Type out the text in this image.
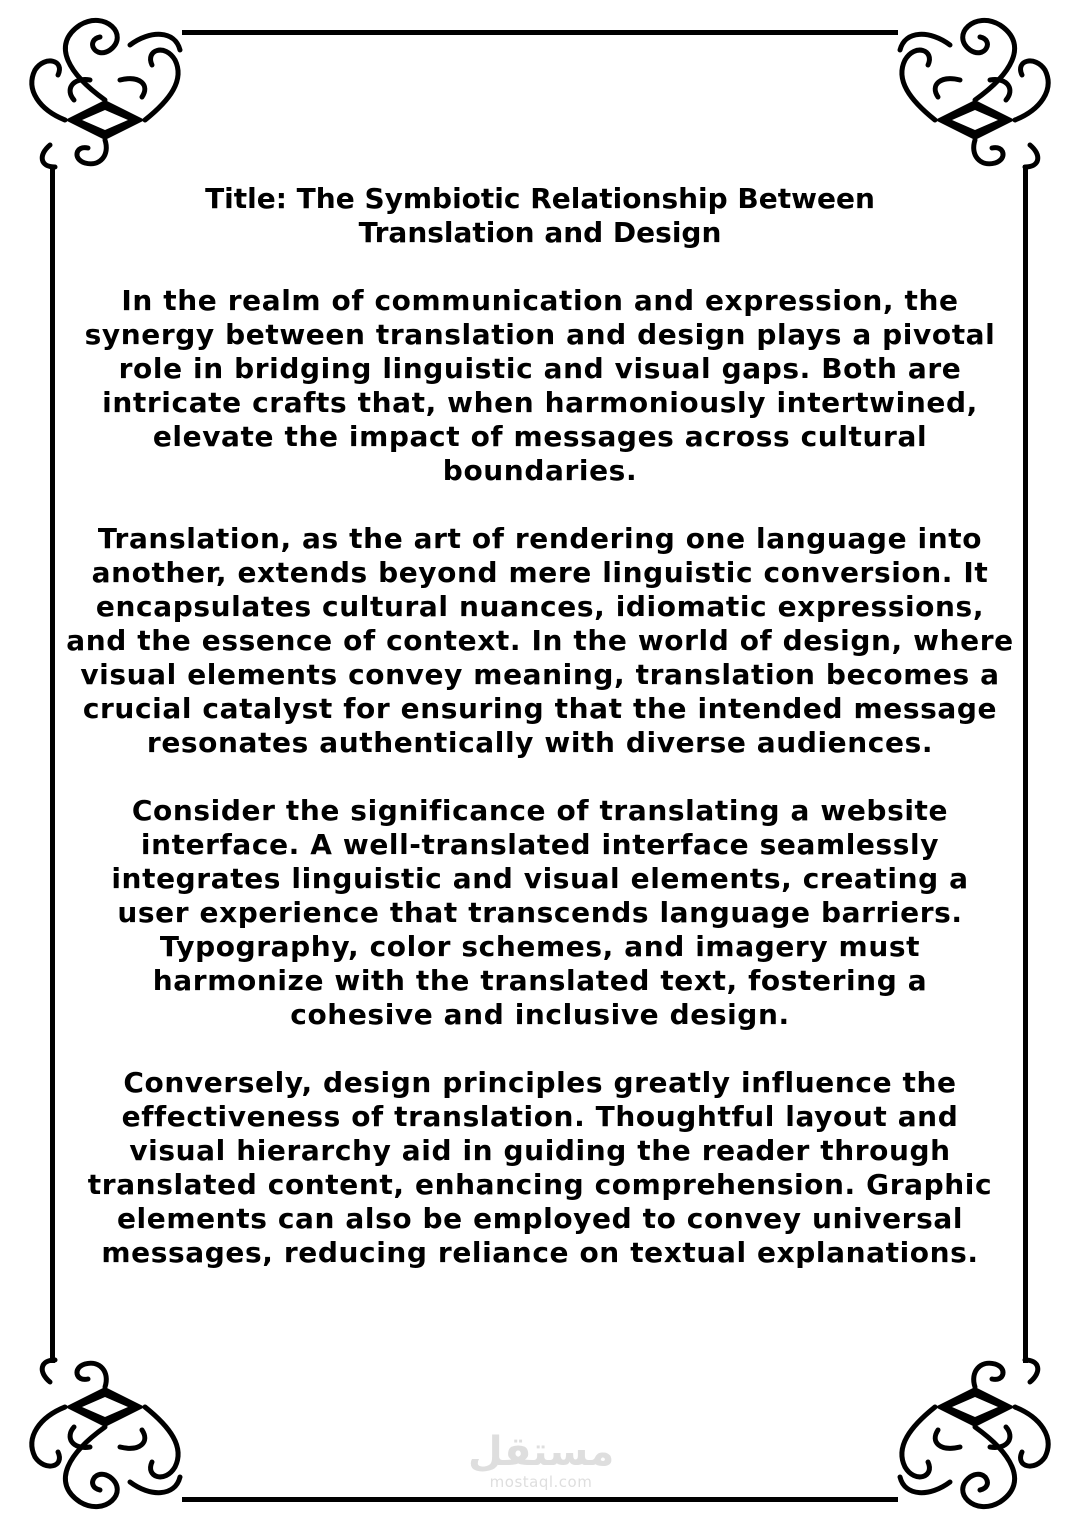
Title: The Symbiotic Relationship Between Translation and Design

In the realm of communication and expression, the synergy between translation and design plays a pivotal role in bridging linguistic and visual gaps. Both are intricate crafts that, when harmoniously intertwined, elevate the impact of messages across cultural boundaries.

Translation, as the art of rendering one language into another, extends beyond mere linguistic conversion. It encapsulates cultural nuances, idiomatic expressions, and the essence of context. In the world of design, where visual elements convey meaning, translation becomes a crucial catalyst for ensuring that the intended message resonates authentically with diverse audiences.

Consider the significance of translating a website interface. A well-translated interface seamlessly integrates linguistic and visual elements, creating a user experience that transcends language barriers. Typography, color schemes, and imagery must harmonize with the translated text, fostering a cohesive and inclusive design.

Conversely, design principles greatly influence the effectiveness of translation. Thoughtful layout and visual hierarchy aid in guiding the reader through translated content, enhancing comprehension. Graphic elements can also be employed to convey universal messages, reducing reliance on textual explanations.

مستقل
mostaql.com
